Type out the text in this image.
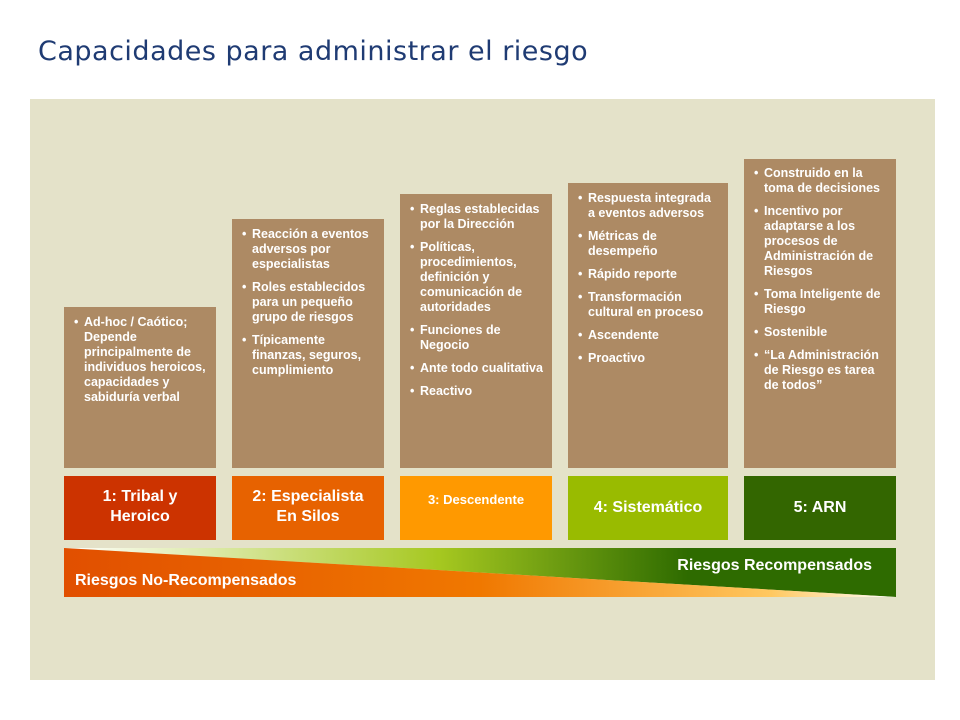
Capacidades para administrar el riesgo
• Ad-hoc / Caótico; Depende principalmente de individuos heroicos, capacidades y sabiduría verbal
• Reacción a eventos adversos por especialistas
• Roles establecidos para un pequeño grupo de riesgos
• Típicamente finanzas, seguros, cumplimiento
• Reglas establecidas por la Dirección
• Políticas, procedimientos, definición y comunicación de autoridades
• Funciones de Negocio
• Ante todo cualitativa
• Reactivo
• Respuesta integrada a eventos adversos
• Métricas de desempeño
• Rápido reporte
• Transformación cultural en proceso
• Ascendente
• Proactivo
• Construido en la toma de decisiones
• Incentivo por adaptarse a los procesos de Administración de Riesgos
• Toma Inteligente de Riesgo
• Sostenible
• “La Administración de Riesgo es tarea de todos”
1: Tribal y
Heroico
2: Especialista
En Silos
3: Descendente	4: Sistemático	5: ARN
Riesgos Recompensados
Riesgos No-Recompensados
